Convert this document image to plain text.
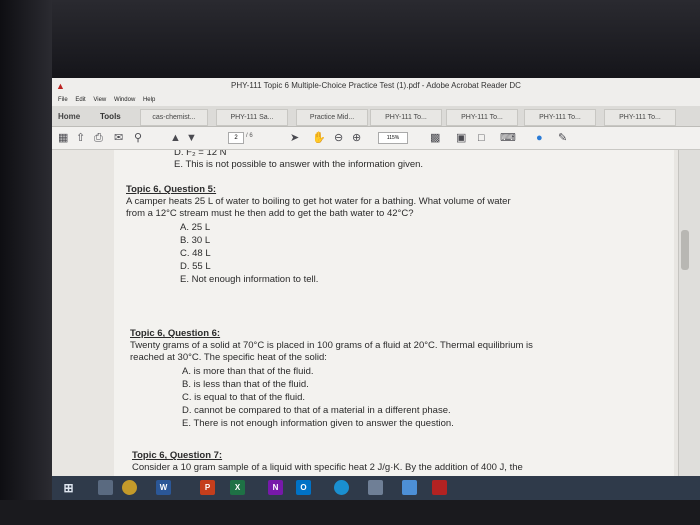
▲	PHY-111 Topic 6 Multiple-Choice Practice Test (1).pdf - Adobe Acrobat Reader DC
File Edit View Window Help
Home	Tools	cas-chemist...	PHY-111 Sa...	Practice Mid...	PHY-111 To...	PHY-111 To...	PHY-111 To...	PHY-111 To...
▦ ⇧ ⎙ ✉ ⚲	▲ ▼	2	/ 6	➤ ✋ ⊖ ⊕	115%	▩ ▣ □ ⌨ ● ✎
D. F₂ = 12 N
E. This is not possible to answer with the information given.
Topic 6, Question 5:
A camper heats 25 L of water to boiling to get hot water for a bathing. What volume of water
from a 12°C stream must he then add to get the bath water to 42°C?
A. 25 L
B. 30 L
C. 48 L
D. 55 L
E. Not enough information to tell.
Topic 6, Question 6:
Twenty grams of a solid at 70°C is placed in 100 grams of a fluid at 20°C. Thermal equilibrium is
reached at 30°C. The specific heat of the solid:
A. is more than that of the fluid.
B. is less than that of the fluid.
C. is equal to that of the fluid.
D. cannot be compared to that of a material in a different phase.
E. There is not enough information given to answer the question.
Topic 6, Question 7:
Consider a 10 gram sample of a liquid with specific heat 2 J/g·K. By the addition of 400 J, the
⊞	W	P	X	N	O
